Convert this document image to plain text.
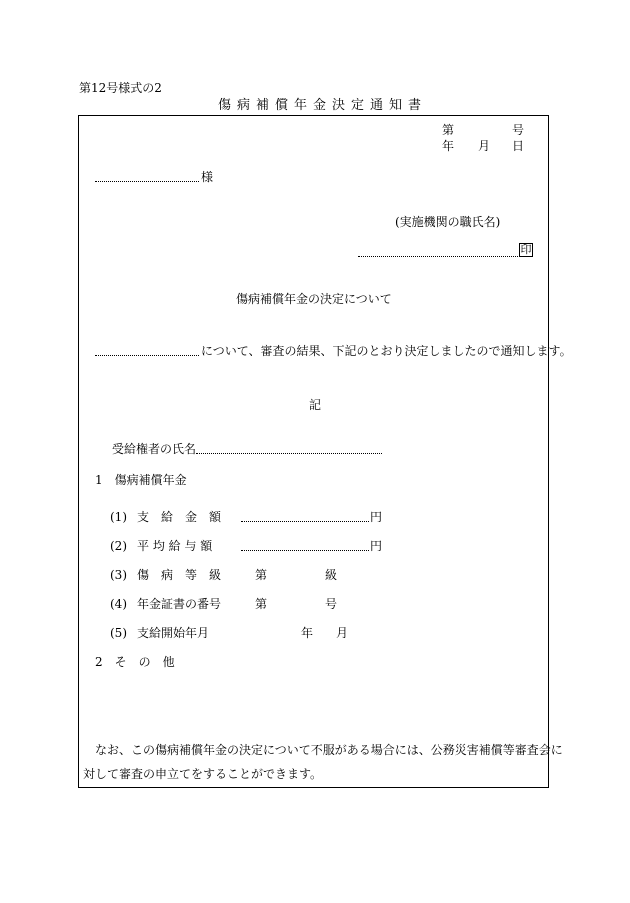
第12号様式の2
傷病補償年金決定通知書
第	号
年 月 日
様
(実施機関の職氏名)
印
傷病補償年金の決定について
について、審査の結果、下記のとおり決定しましたので通知します。
記
受給権者の氏名
1　傷病補償年金
(1) 支　給　金　額	円
(2) 平 均 給 与 額	円
(3) 傷　病　等　級	第	級
(4) 年金証書の番号	第	号
(5) 支給開始年月	年 月
2　そ　の　他
なお、この傷病補償年金の決定について不服がある場合には、公務災害補償等審査会に
対して審査の申立てをすることができます。
